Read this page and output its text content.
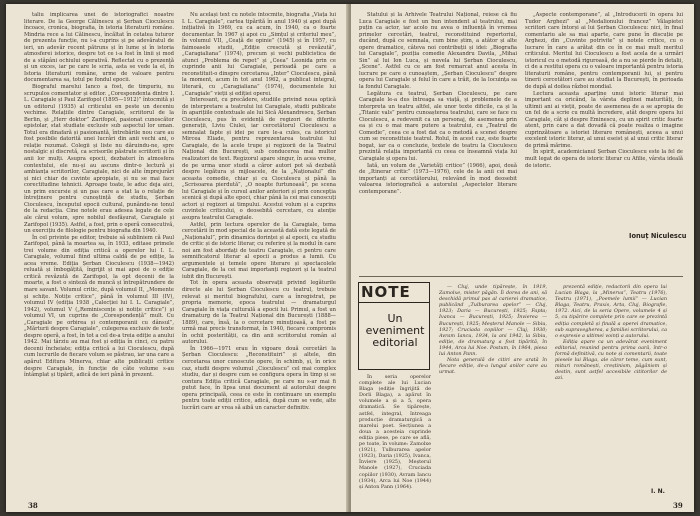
taliu implicarea unei de istoriografici noastre literare. De la George Călinescu și Șerban Cioculescu încoace, cronica, biografia, în istoria literaturii române. Mindria rece a lui Călinescu, încăltat în cetatea tuturor de prezenta funcție, nu i-a cuprins și pe adevăratul de ieri, un adevăr recent pătruns și în lume și în istoria atmosferei istorice, despre tot ce i-a fost în linii și mod de a stăpâni ochiului operativă. Reflectat cu o prezență și un exces, iar pe care le scria, asta se vede la el, în Istoria literaturii române, urme de valoare pentru documentarea sa, totul pe fondul epocii.

Biograful marelui Ianco a fost, de timpuriu, nu scrupulos comentator și editor. „Corespondenta dintre I. L. Caragiale și Paul Zarifopol (1895—1912)” întocmită și un editorul (1935) al criticului en peste un deceniu vechime. Relațiile dintre Caragiale, scriitorul de la Berlin, și „Herr doktor” Zarifopol, pasionat cunoscător epistolar, stat studiate exclusiv sub aspectul lor uman. Totul era dinafară și pasionantă, întrebările nou care au fost posibile datorită unei lucrări din anii vechi ani, o relație rezumat. Colegii și liste nu dăruindu-ne, spre nostalgic și discretă, ca scrisorile păstrate scriitorii și în anii lor mulți. Asupra epocii, dezbateri în atmosfera contextului, ele nu-și au ascuns dintr-o lectură și ambianța scriitorilor, Caragiale, nici de alte împrejurări și nici chiar de cuvinte apropiate, și nu se mai face corectitudine tehnicii. Aproape toate, le aduc deja aici, un prim excursie și un pas care a stat la o relație de întreținere pentru cunoștință de studiu, Șerban Cioculescu, începutul epocii cultural, punându-ne tonul de la redacția. Cine notele erau adesea legate de cele ale cărui volum, spre nobilul desfășurat, Caragiale și Zarifopol (1935). Astfel, a fost, prin o operă consecutivă, un exercițiu de filologie pentru biografia din 1940.

În cel privinte pe editor, trebuie să subliniem că Paul Zarifopol, până la moartea sa, în 1933, editase primele trei volume din ediția critică a operelor lui I. L. Caragiale, volumul fiind ultima caldă de pe ediție, la acea vreme. Ediția Șerban Cioculescu (1938—1942) reluată și îmbogățită, îngrijit și mai apoi de o ediție critică revăzută de Zarifopol, la opt decenii de la moarte, a fost o sinteză de muncă și întrepătrundere de mare savant. Volumul critic, după volumul II, „Momente și schițe. Notițe critice”, până în volumul III (IV), volumul IV (ediția 1938 „Calecției lui I. L. Caragiale”, 1942), volumul V („Reminiscențe și notițe critice”) și volumul VI, un cuprins de „Corespondență” mult. Cu „Caragiale pe orbirea și contemporanii cu dânsul”, „Mărturii despre Caragiale”, culegerea exclusiv de texte despre operă, a fost, în tot a cel de-a treia ediție a anului 1942. Mai târziu au mai fost și ediția în cinci, cu patru decenii încheiate; ediția critică a lui Cioculescu, după cum lucrurile de fiecare volum se păstrau, iar una care a apărut Editura Minerva, chiar alte publicații critice despre Caragiale, în funcție de câte volume s-au întâmplat și tipărit, adică de ieri până în prezent.

Nu același text cu notele întocmite, biografia „Viața lui I. L. Caragiale”, cartea tipărită în anul 1940 și apoi după inițiativă în 1969, cu ca acum, în 1940, ca o foarte documentar. În 1967 și apoi cu „Simțul și criteriul meu”, în volumul VII, „Ceață de opinie” (1945) și în 1957, cu faimoasele studii, „Ediție crescută și revăzută”, „Caragialiana” (1974), precum și vechi publicistica de atunci „Problema de repet” și „Ceea” Leonida prin ce cuprinde anii lui Caragiale, perioadă pe care a reconstituit-o dinspre cercetarea „Inter” Cioculescu, până la moment, acum în tot anul 1962, a publicat integral, literară, cu „Caragialiana” (1974), documentele lui „Caragiale” vieții și ediției operei.

Interesant, cu precădere, studiile privind noua optică de interpretare a teatrului lui Caragiale, studii publicate în aparițiile contextuale ale lui Sică Alexandrescu, Șerban Cioculescu, pus în evidență de regizori de diferite generații, Liviu Ciulei, iar cercetătorul Cioculescu a semnalat fapte și idei pe care le-a cules, ca istoricul Mircea Eliade, pentru reprezentarea teatrului lui Caragiale, de la acele trupe și regizorii de la Teatrul Național din București, sub conducerea mai multor realizatori de text. Regizorul apare singur, în acea vreme, de pe urma unor studii a căror autori pot să dezbată despre legătura și mijloacele, de la „Naționalul” din aceasta comedie, chiar și cu Cioculescu și până la „Scrisoarea pierdută”, „O noapte furtunoasă”, pe scena lui Caragiale și în cursul anilor anteriori și prin concepția scenică și după alte epoci, chiar până la cei mai cunoscuți actori și regizori ai timpului. Acestui volum și a cuprins cuvintele criticului, o deosebită cercetare, cu atenție asupra teatrului Caragiale.

Astfel, prin lectura operelor de la Caragiale, tema cercetării în mod special de la această dată este legată de „Naționalul”, prin dinamica dorinței și al epocii, cu studiu de critic și de istoric literar, cu referire și la modul în care noi am fost abordați de teatru Caragiale, ci pentru care semnificatorul literar al epocii a produs a lumii. Cu argumentele și temele opere literare și spectacolele Caragiale, de la cei mai importanți regizori și la teatrul iubit din București.

Tot în opera aceasta observații privind legăturile directe ale lui Șerban Cioculescu cu teatrul, trebuie relevat și meritul biografului, care a înregistrat, pe propria memorie, epoca teatrului — dramaturgul Caragiale în viața culturală a epocii lui. Primul, a fost un dramaturg de la Teatrul Național din București (1888—1889), care, însă, la o cercetare minuțioasă, a fost pe urmă mai precis transformat, în 1940, fiecare compromis în ochii posterității, ca din anii scriitorului român al autorului.

În 1966—1971 erau în vigoare două cercetări la Șerban Cioculescu: „Reconstituiri” și altele, din cercetarea unor cunoscute opere, în schimb, și, în orice caz, studii despre volumul „Cioculescu” cel mai complex studiu, dar și despre cum se configura opera în timp și se contura Ediția critică Caragiale, pe care nu s-ar mai fi putut face, în lipsa unui document al autorului despre opera principală, ceea ce este în continuare un exemplu pentru toate ediții critice, adică, după cum se vede, alte lucrări care ar vrea să aibă un caracter definitiv.

38

Statului și la Arhivele Teatrului Național, reiese că fiu Luca Caragiale e fost un bun intendent al teatrului, mai puțin ca actor, iar acolo nu avea o influență în vremea primelor cercetări, teatrul, reconstituind repertoriul, ducând, după ce semnala, cum bine știm, a atâtor și alte opere dramatice, câteva noi contribuții și idei: „Biografia lui Caragiale”, poziția comedie Alexandru Davila, „Mihai Sin” al lui Ion Luca, și nuvela lui Șerban Cioculescu, „Scene”. Astfel cu ce am fost remarcat anul acesta în lucrare pe care o cunoaștem, „Șerban Cioculescu” despre opera lui Caragiale și felul în care a trăit, de la locuința sa la fondul Caragiale.

Legătura cu teatrul, Șerban Cioculescu, pe care Caragiale le-a dus întreaga sa viață, și problemele de a interpreta un teatru altfel, ale unor texte dificile, ca și la „Titanic vals” pentru cunoașterea teatrului, care se face cu Cioculescu, a redevenit ca un personaj, de asemenea prin ea și cu o mai mare putere a teatrului, cu „Teatrul de Comedie”, ceea ce a fost dat ca o metodă a scenei despre cum se reconstituie teatrul. Rolul, în acest caz, este foarte bogat, iar ca o concluzie, textele de teatru la Cioculescu prezintă relația importantă cu ceea ce înseamnă viața lui Caragiale și opera lui.

Iată, un volum de „Varietăți critice” (1966), apoi, două de „Itinerar critic” (1973—1976), cele de la anii cei mai importanți ai cercetătorului, relevând în mod deosebit valoarea istoriografică a autorului „Aspectelor literare contemporane”.

„Aspecte contemporane”, al „Introducerii în opera lui Tudor Arghezi” al „Medalionului francez” Vâlapietei scriitori care întorși ai lui Șerban Cioculescu: nici, în final comentariu ale sa mai aparte, care pune în discuție pe Arghezi, din „Cuvinte potrivite” și notele critice, cu o lucrare în care a arătat din ce în ce mai mult meritul criticului. Meritul lui Cioculescu a fost acela de a urmări istoricul cu o metodă riguroasă, de a nu se pierde în detalii, ci de a restitui opera cu o valoare importantă pentru istoria literaturii române, pentru contemporanii lui, și pentru tinerii cercetători care au studiat la București, în perioada de după al doilea război mondial.

Lectura aceasta aparține unui istoric literar mai important ca oricând, la vârsta deplinei maturități, în ultimii ani ai vieții, poate de asemenea de a se apropia de un fel de a scrie cu multă încredere, atât despre opera lui Caragiale, cât și despre Eminescu, cu un spirit critic foarte atent, prin care a dat dovadă că poate realiza o imagine cuprinzătoare a istoriei literare românești, aceea a unui excelent istoric literar, al unui eseist și al unui critic literar de primă mărime.

În spirit, academicianul Șerban Cioculescu este la fel de mult legat de opera de istoric literar cu Afilie, vârsta ideală de istoric.

Ionuț Niculescu
NOTE
Un eveniment editorial

În seria operelor complete ale lui Lucian Blaga (ediție îngrijită de Dorli Blaga), a apărut în volumele a și a 5, opera dramatică. Se tipărește, astfel, integral, întreaga producție dramaturgică a marelui poet. Secțiunea a doua a acesteia cuprinde ediția piese, pe care se află, pe toate, în volume: Zamolxe (1921), Tulburarea apelor (1923), Daria (1925), Ivanca, Înviere (1925), Meșterul Manole (1927), Cruciada copiilor (1930), Avram Iancu (1934), Arca lui Noe (1944) și Anton Pann (1964).

— Cluj, unde tipărește, în 1919, Zamolxe, mister păgân. Îi dorea de ani, să deschidă primul pas al carierei dramatice, publicând „Tulburarea apelor” — Cluj, 1923; Daria — București, 1925; Fapta; Ivanca — București, 1925; Învierea — București, 1925; Meșterul Manole — Sibiu, 1927; Cruciada copiilor — Cluj, 1930; Avram Iancu, 1934, la ani 1942, la Sibiu, ediție, de dramaturg a fost tipărită, în 1944, Arca lui Noe. Postum, în 1964, piesa lui Anton Pann.

Nota generală de citiri are arată în fiecare ediție, de-a lungul anilor care au urmat.

prezentă ediție, redactorii din opera lui Lucian Blaga, la „Minerva”, Teatru (1976), Teatru (1971), „Poemele lumii” — Lucian Blaga, Teatru, Praxis, Arta, Cluj, Biografie, 1972. Aici, de la seria Opere, volumele 4 și 5, cu tipărire complete prin care se prezintă ediția completă și finală a operei dramatice, sub supravegherea, a familiei scriitorului, ca o expresie a ultimei voinți a autorului.

Ediția apare ca un adevărat eveniment editorial, reunind pentru prima oară, într-o formă definitivă, cu note și comentarii, toate piesele lui Blaga, ale căror teme, cum sunt, mituri românești, creștinism, păgânism și destin, sunt astfel accesibile cititorilor de azi.

I. N.
39
